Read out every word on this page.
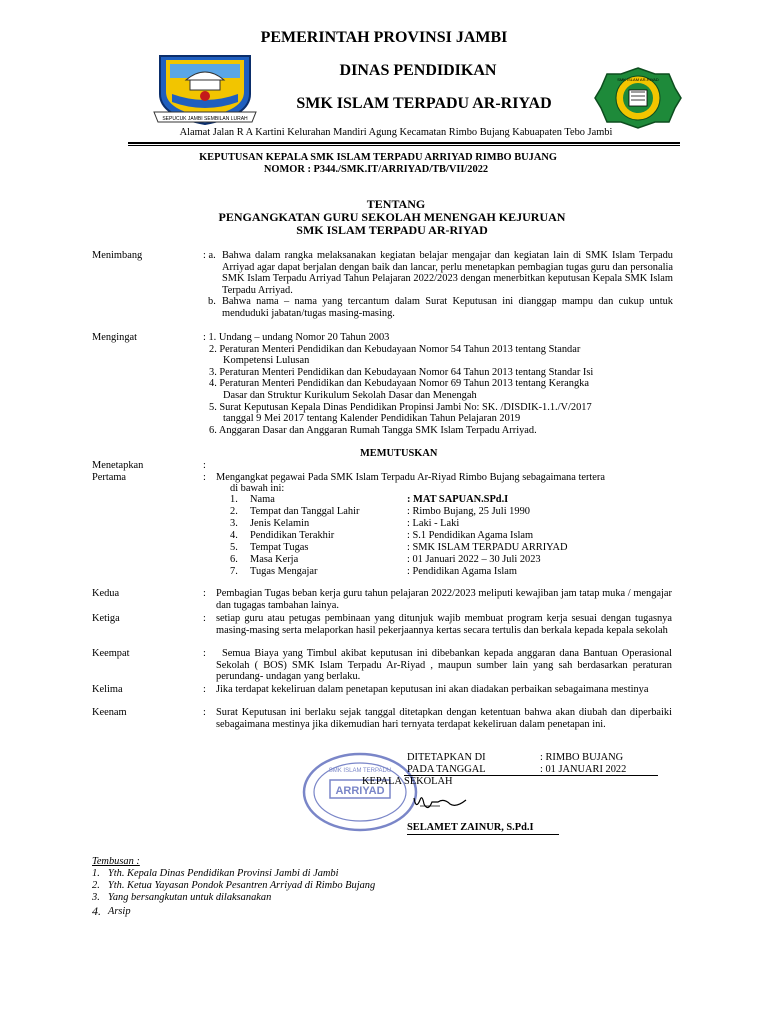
SEPUCUK JAMBI SEMBILAN LURAH
SMK ISLAM AR-RIYAD
PEMERINTAH PROVINSI JAMBI
DINAS PENDIDIKAN
SMK ISLAM TERPADU AR-RIYAD
Alamat Jalan R A Kartini Kelurahan Mandiri Agung Kecamatan Rimbo Bujang Kabuapaten Tebo Jambi
KEPUTUSAN KEPALA SMK ISLAM TERPADU ARRIYAD RIMBO BUJANG
NOMOR : P344./SMK.IT/ARRIYAD/TB/VII/2022
TENTANG
PENGANGKATAN GURU SEKOLAH MENENGAH KEJURUAN
SMK ISLAM TERPADU AR-RIYAD
Menimbang	: a. Bahwa dalam rangka melaksanakan kegiatan belajar mengajar dan kegiatan lain di SMK Islam Terpadu Arriyad agar dapat berjalan dengan baik dan lancar, perlu menetapkan pembagian tugas guru dan personalia SMK Islam Terpadu Arriyad Tahun Pelajaran 2022/2023 dengan menerbitkan keputusan Kepala SMK Islam Terpadu Arriyad.
b. Bahwa nama – nama yang tercantum dalam Surat Keputusan ini dianggap mampu dan cukup untuk menduduki jabatan/tugas masing-masing.
Mengingat	: 1. Undang – undang Nomor 20 Tahun 2003
2. Peraturan Menteri Pendidikan dan Kebudayaan Nomor 54 Tahun 2013 tentang Standar
Kompetensi Lulusan
3. Peraturan Menteri Pendidikan dan Kebudayaan Nomor 64 Tahun 2013 tentang Standar Isi
4. Peraturan Menteri Pendidikan dan Kebudayaan Nomor 69 Tahun 2013 tentang Kerangka
Dasar dan Struktur Kurikulum Sekolah Dasar dan Menengah
5. Surat Keputusan Kepala Dinas Pendidikan Propinsi Jambi No: SK. /DISDIK-1.1./V/2017
tanggal 9 Mei 2017 tentang Kalender Pendidikan Tahun Pelajaran 2019
6. Anggaran Dasar dan Anggaran Rumah Tangga SMK Islam Terpadu Arriyad.
MEMUTUSKAN
Menetapkan	:
Pertama	: Mengangkat pegawai Pada SMK Islam Terpadu Ar-Riyad Rimbo Bujang sebagaimana tertera
di bawah ini:
1. Nama	: MAT SAPUAN.SPd.I
2. Tempat dan Tanggal Lahir	: Rimbo Bujang, 25 Juli 1990
3. Jenis Kelamin	: Laki - Laki
4. Pendidikan Terakhir	: S.1 Pendidikan Agama Islam
5. Tempat Tugas	: SMK ISLAM TERPADU ARRIYAD
6. Masa Kerja	: 01 Januari 2022 – 30 Juli 2023
7. Tugas Mengajar	: Pendidikan Agama Islam
Kedua	: Pembagian Tugas beban kerja guru tahun pelajaran 2022/2023 meliputi kewajiban jam tatap muka / mengajar dan tugagas tambahan lainya.
Ketiga	: setiap guru atau petugas pembinaan yang ditunjuk wajib membuat program kerja sesuai dengan tugasnya masing-masing serta melaporkan hasil pekerjaannya kertas secara tertulis dan berkala kepada kepala sekolah
Keempat	:	Semua Biaya yang Timbul akibat keputusan ini dibebankan kepada anggaran dana Bantuan Operasional Sekolah ( BOS) SMK Islam Terpadu Ar-Riyad , maupun sumber lain yang sah berdasarkan peraturan perundang- undagan yang berlaku.
Kelima	: Jika terdapat kekeliruan dalam penetapan keputusan ini akan diadakan perbaikan sebagaimana mestinya
Keenam	: Surat Keputusan ini berlaku sejak tanggal ditetapkan dengan ketentuan bahwa akan diubah dan diperbaiki sebagaimana mestinya jika dikemudian hari ternyata terdapat kekeliruan dalam penetapan ini.
ARRIYAD
SMK ISLAM TERPADU
DITETAPKAN DI	: RIMBO BUJANG
PADA TANGGAL	: 01 JANUARI 2022
KEPALA SEKOLAH
SELAMET ZAINUR, S.Pd.I
Tembusan :
1. Yth. Kepala Dinas Pendidikan Provinsi Jambi di Jambi
2. Yth. Ketua Yayasan Pondok Pesantren Arriyad di Rimbo Bujang
3. Yang bersangkutan untuk dilaksanakan
4. Arsip
